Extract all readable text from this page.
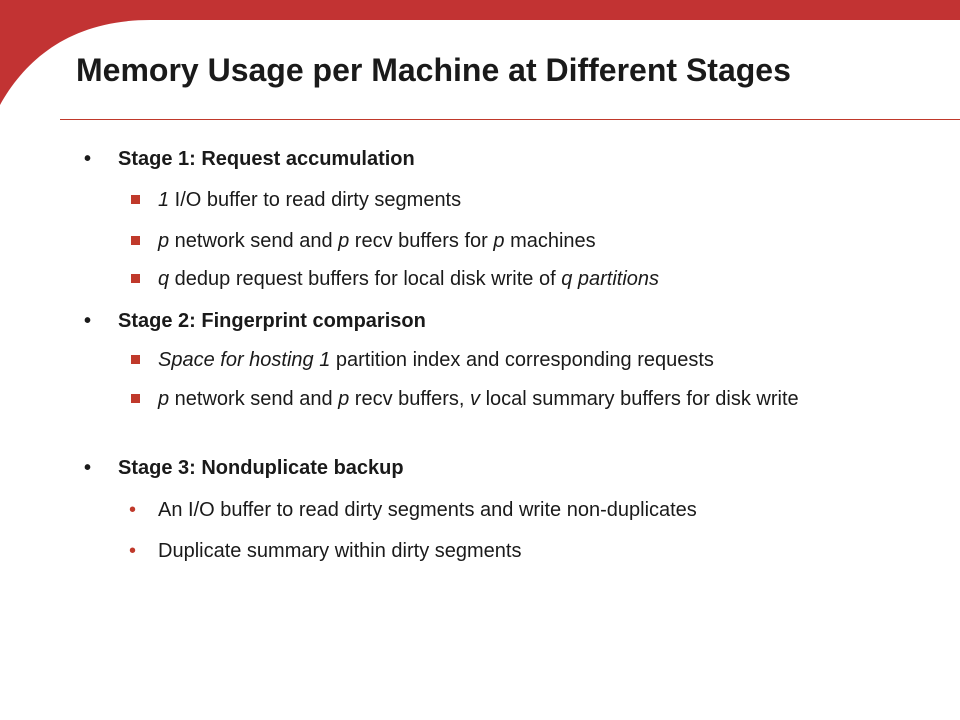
Memory Usage per Machine at Different Stages
• Stage 1: Request accumulation
1 I/O buffer to read dirty segments
p network send and p recv buffers for p machines
q dedup request buffers for local disk write of q partitions
• Stage 2: Fingerprint comparison
Space for hosting 1 partition index and corresponding requests
p network send and p recv buffers, v local summary buffers for disk write
• Stage 3: Nonduplicate backup
• An I/O buffer to read dirty segments and write non-duplicates
• Duplicate summary within dirty segments
